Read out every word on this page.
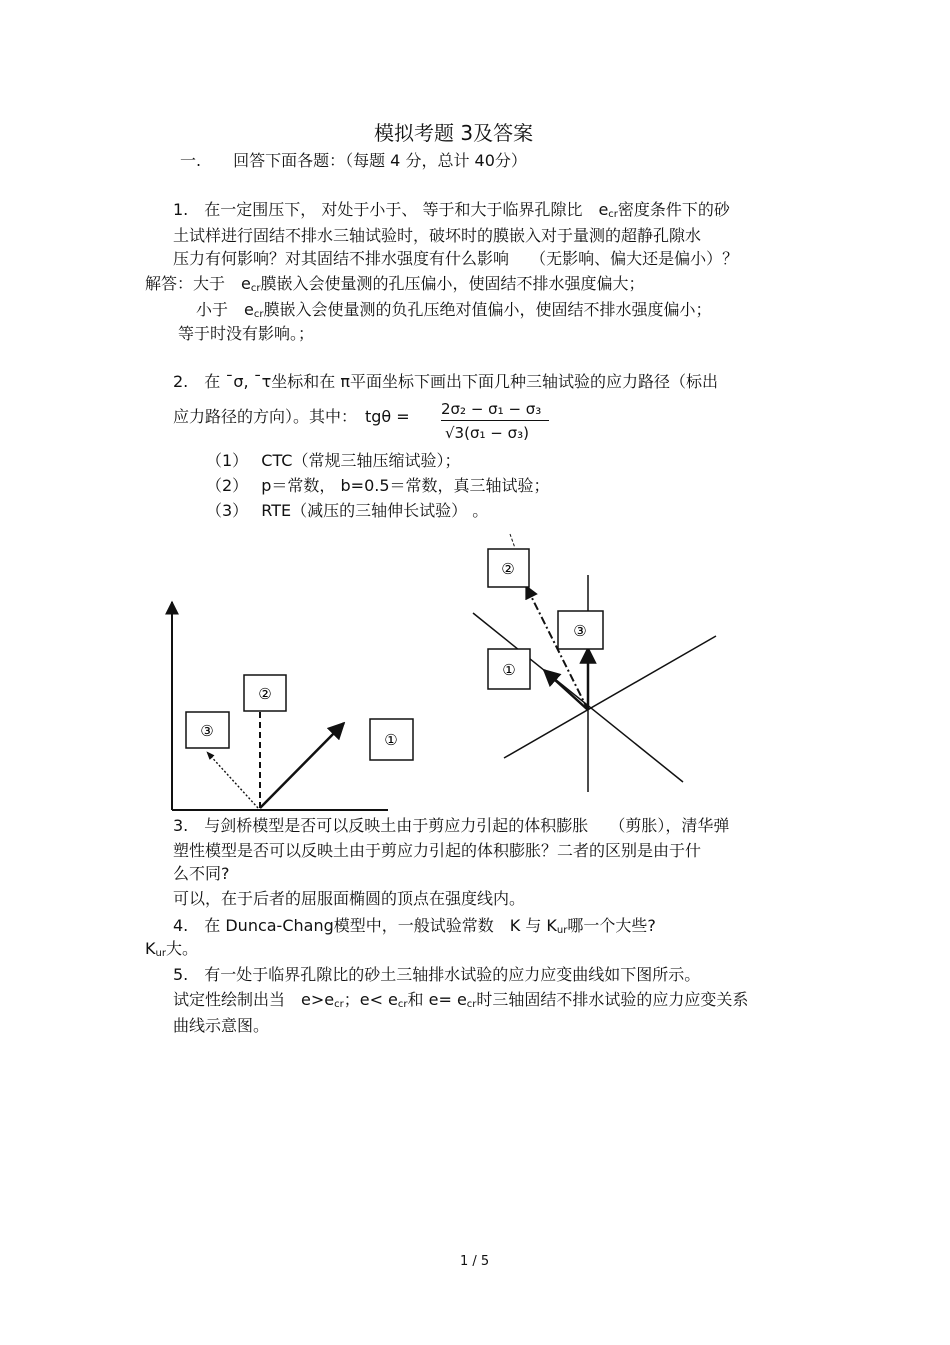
模拟考题 3及答案
一.　　回答下面各题：（每题 4 分，总计 40分）
1.　在一定围压下， 对处于小于、 等于和大于临界孔隙比　$e_{cr}$密度条件下的砂
土试样进行固结不排水三轴试验时，破坏时的膜嵌入对于量测的超静孔隙水
压力有何影响？对其固结不排水强度有什么影响　 （无影响、偏大还是偏小）？
解答：大于　$e_{cr}$膜嵌入会使量测的孔压偏小，使固结不排水强度偏大；
小于　$e_{cr}$膜嵌入会使量测的负孔压绝对值偏小，使固结不排水强度偏小；
等于时没有影响。；
2.　在 ¯σ, ¯τ坐标和在 π平面坐标下画出下面几种三轴试验的应力路径（标出
应力路径的方向）。其中：　tgθ = 2σ₂ − σ₁ − σ₃
√3(σ₁ − σ₃)
（1）　 CTC（常规三轴压缩试验）；
（2）　 p＝常数， b=0.5＝常数，真三轴试验；
（3）　 RTE（减压的三轴伸长试验） 。
②
③	①
②
③
①
3.　与剑桥模型是否可以反映土由于剪应力引起的体积膨胀　 （剪胀），清华弹
塑性模型是否可以反映土由于剪应力引起的体积膨胀？二者的区别是由于什
么不同?
可以，在于后者的屈服面椭圆的顶点在强度线内。
4.　在 Dunca-Chang模型中，一般试验常数　K 与 $K_{ur}$哪一个大些?
$K_{ur}$大。
5.　有一处于临界孔隙比的砂土三轴排水试验的应力应变曲线如下图所示。
试定性绘制出当　$e>e_{cr}$；$e< e_{cr}$和 $e= e_{cr}$时三轴固结不排水试验的应力应变关系
曲线示意图。
1 / 5
